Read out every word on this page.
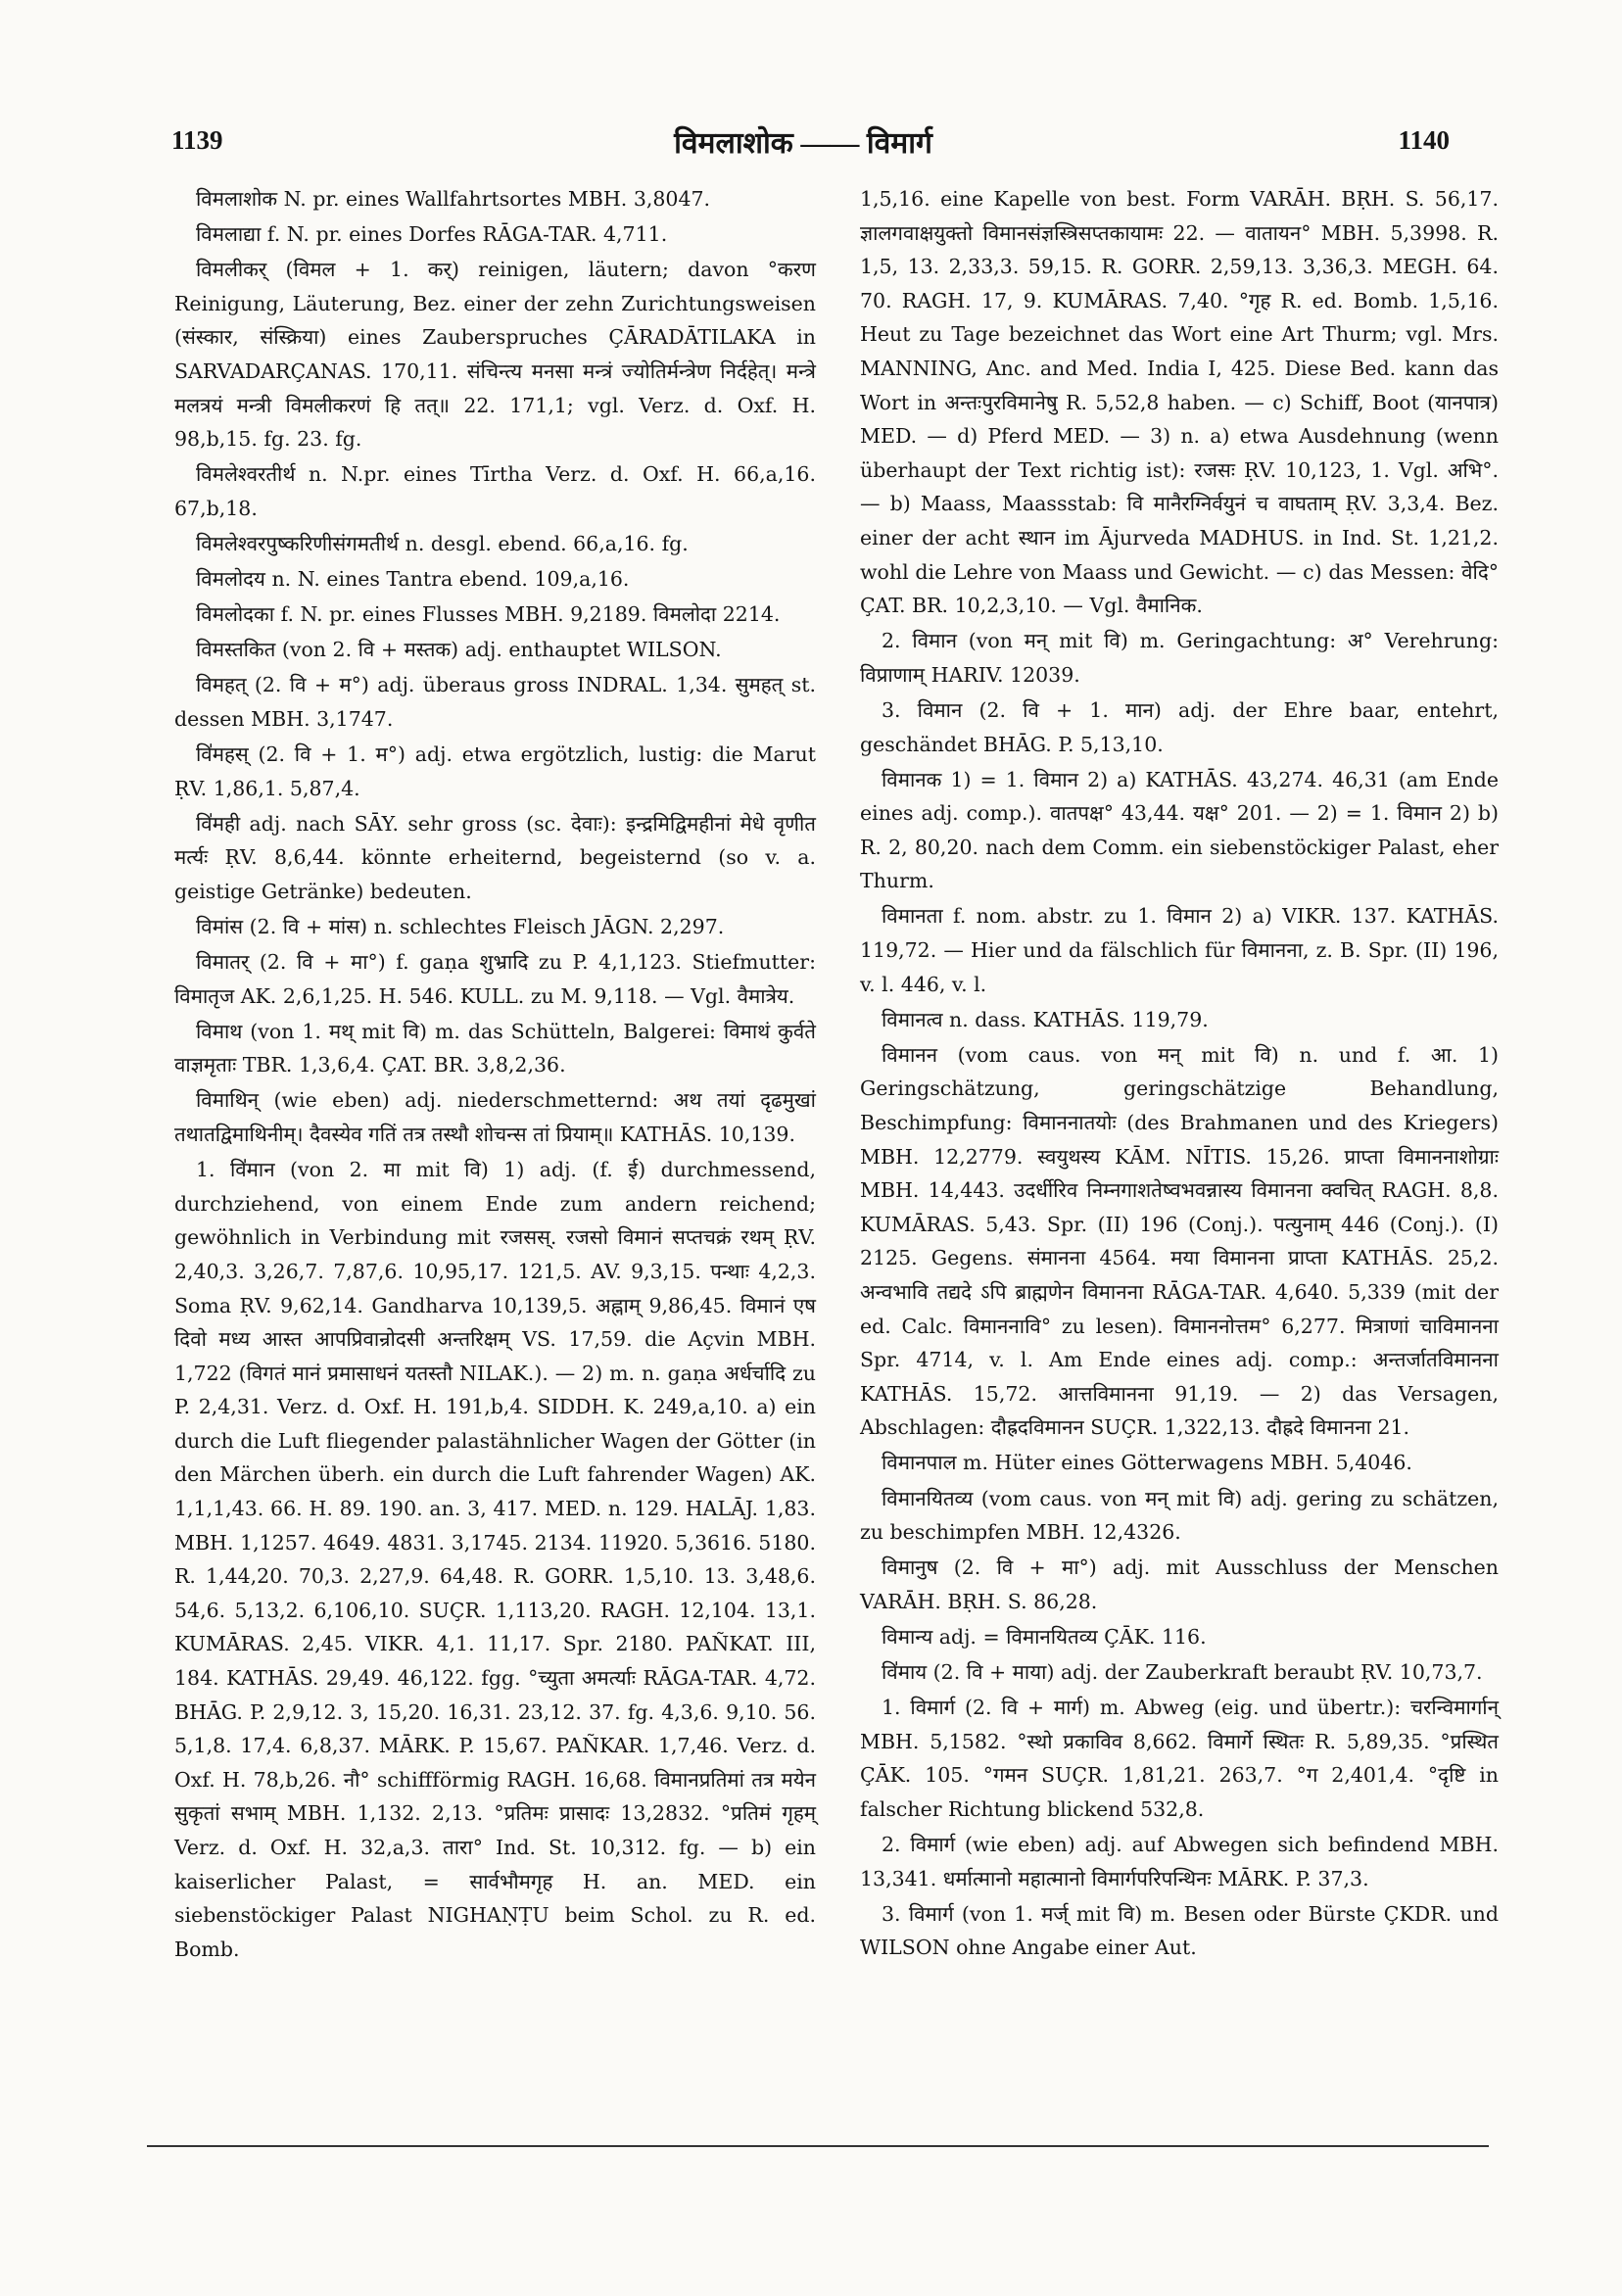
1139	विमलाशोक —— विमार्ग	1140

विमलाशोक N. pr. eines Wallfahrtsortes MBH. 3,8047.

विमलाद्या f. N. pr. eines Dorfes RĀGA-TAR. 4,711.

विमलीकर् (विमल + 1. कर्) reinigen, läutern; davon °करण Reinigung, Läuterung, Bez. einer der zehn Zurichtungsweisen (संस्कार, संस्क्रिया) eines Zauberspruches ÇĀRADĀTILAKA in SARVADARÇANAS. 170,11. संचिन्त्य मनसा मन्त्रं ज्योतिर्मन्त्रेण निर्दहेत्। मन्त्रे मलत्रयं मन्त्री विमलीकरणं हि तत्॥ 22. 171,1; vgl. Verz. d. Oxf. H. 98,b,15. fg. 23. fg.

विमलेश्वरतीर्थ n. N.pr. eines Tīrtha Verz. d. Oxf. H. 66,a,16. 67,b,18.

विमलेश्वरपुष्करिणीसंगमतीर्थ n. desgl. ebend. 66,a,16. fg.

विमलोदय n. N. eines Tantra ebend. 109,a,16.

विमलोदका f. N. pr. eines Flusses MBH. 9,2189. विमलोदा 2214.

विमस्तकित (von 2. वि + मस्तक) adj. enthauptet WILSON.

विमहत् (2. वि + म°) adj. überaus gross INDRAL. 1,34. सुमहत् st. dessen MBH. 3,1747.

वि॑महस् (2. वि + 1. म°) adj. etwa ergötzlich, lustig: die Marut ṚV. 1,86,1. 5,87,4.

वि॑मही adj. nach SĀY. sehr gross (sc. देवाः): इन्द्रमिद्विमहीनां मेधे वृणीत मर्त्यः ṚV. 8,6,44. könnte erheiternd, begeisternd (so v. a. geistige Getränke) bedeuten.

विमांस (2. वि + मांस) n. schlechtes Fleisch JĀGN. 2,297.

विमातर् (2. वि + मा°) f. gaṇa शुभ्रादि zu P. 4,1,123. Stiefmutter: विमातृज AK. 2,6,1,25. H. 546. KULL. zu M. 9,118. — Vgl. वैमात्रेय.

विमाथ (von 1. मथ् mit वि) m. das Schütteln, Balgerei: विमाथं कुर्वते वाज्ञमृताः TBR. 1,3,6,4. ÇAT. BR. 3,8,2,36.

विमाथिन् (wie eben) adj. niederschmetternd: अथ तयां दृढमुखां तथातद्विमाथिनीम्। दैवस्येव गतिं तत्र तस्थौ शोचन्स तां प्रियाम्॥ KATHĀS. 10,139.

1. वि॑मान (von 2. मा mit वि) 1) adj. (f. ई) durchmessend, durchziehend, von einem Ende zum andern reichend; gewöhnlich in Verbindung mit रजसस्. रजसो विमानं सप्तचक्रं रथम् ṚV. 2,40,3. 3,26,7. 7,87,6. 10,95,17. 121,5. AV. 9,3,15. पन्थाः 4,2,3. Soma ṚV. 9,62,14. Gandharva 10,139,5. अह्नाम् 9,86,45. विमानं एष दिवो मध्य आस्त आपप्रिवान्रोदसी अन्तरिक्षम् VS. 17,59. die Açvin MBH. 1,722 (विगतं मानं प्रमासाधनं यतस्तौ NILAK.). — 2) m. n. gaṇa अर्धर्चादि zu P. 2,4,31. Verz. d. Oxf. H. 191,b,4. SIDDH. K. 249,a,10. a) ein durch die Luft fliegender palastähnlicher Wagen der Götter (in den Märchen überh. ein durch die Luft fahrender Wagen) AK. 1,1,1,43. 66. H. 89. 190. an. 3, 417. MED. n. 129. HALĀJ. 1,83. MBH. 1,1257. 4649. 4831. 3,1745. 2134. 11920. 5,3616. 5180. R. 1,44,20. 70,3. 2,27,9. 64,48. R. GORR. 1,5,10. 13. 3,48,6. 54,6. 5,13,2. 6,106,10. SUÇR. 1,113,20. RAGH. 12,104. 13,1. KUMĀRAS. 2,45. VIKR. 4,1. 11,17. Spr. 2180. PAÑKAT. III, 184. KATHĀS. 29,49. 46,122. fgg. °च्युता अमर्त्याः RĀGA-TAR. 4,72. BHĀG. P. 2,9,12. 3, 15,20. 16,31. 23,12. 37. fg. 4,3,6. 9,10. 56. 5,1,8. 17,4. 6,8,37. MĀRK. P. 15,67. PAÑKAR. 1,7,46. Verz. d. Oxf. H. 78,b,26. नौ° schiffförmig RAGH. 16,68. विमानप्रतिमां तत्र मयेन सुकृतां सभाम् MBH. 1,132. 2,13. °प्रतिमः प्रासादः 13,2832. °प्रतिमं गृहम् Verz. d. Oxf. H. 32,a,3. तारा° Ind. St. 10,312. fg. — b) ein kaiserlicher Palast, = सार्वभौमगृह H. an. MED. ein siebenstöckiger Palast NIGHAṆṬU beim Schol. zu R. ed. Bomb.

1,5,16. eine Kapelle von best. Form VARĀH. BṚH. S. 56,17. ज्ञालगवाक्षयुक्तो विमानसंज्ञस्त्रिसप्तकायामः 22. — वातायन° MBH. 5,3998. R. 1,5, 13. 2,33,3. 59,15. R. GORR. 2,59,13. 3,36,3. MEGH. 64. 70. RAGH. 17, 9. KUMĀRAS. 7,40. °गृह R. ed. Bomb. 1,5,16. Heut zu Tage bezeichnet das Wort eine Art Thurm; vgl. Mrs. MANNING, Anc. and Med. India I, 425. Diese Bed. kann das Wort in अन्तःपुरविमानेषु R. 5,52,8 haben. — c) Schiff, Boot (यानपात्र) MED. — d) Pferd MED. — 3) n. a) etwa Ausdehnung (wenn überhaupt der Text richtig ist): रजसः ṚV. 10,123, 1. Vgl. अभि°. — b) Maass, Maassstab: वि मानैरग्निर्वयुनं च वाघताम् ṚV. 3,3,4. Bez. einer der acht स्थान im Ājurveda MADHUS. in Ind. St. 1,21,2. wohl die Lehre von Maass und Gewicht. — c) das Messen: वेदि° ÇAT. BR. 10,2,3,10. — Vgl. वैमानिक.

2. विमान (von मन् mit वि) m. Geringachtung: अ° Verehrung: विप्राणाम् HARIV. 12039.

3. विमान (2. वि + 1. मान) adj. der Ehre baar, entehrt, geschändet BHĀG. P. 5,13,10.

विमानक 1) = 1. विमान 2) a) KATHĀS. 43,274. 46,31 (am Ende eines adj. comp.). वातपक्ष° 43,44. यक्ष° 201. — 2) = 1. विमान 2) b) R. 2, 80,20. nach dem Comm. ein siebenstöckiger Palast, eher Thurm.

विमानता f. nom. abstr. zu 1. विमान 2) a) VIKR. 137. KATHĀS. 119,72. — Hier und da fälschlich für विमानना, z. B. Spr. (II) 196, v. l. 446, v. l.

विमानत्व n. dass. KATHĀS. 119,79.

विमानन (vom caus. von मन् mit वि) n. und f. आ. 1) Geringschätzung, geringschätzige Behandlung, Beschimpfung: विमाननातयोः (des Brahmanen und des Kriegers) MBH. 12,2779. स्वयुथस्य KĀM. NĪTIS. 15,26. प्राप्ता विमाननाशोग्राः MBH. 14,443. उदर्धीरिव निम्नगाशतेष्वभवन्नास्य विमानना क्वचित् RAGH. 8,8. KUMĀRAS. 5,43. Spr. (II) 196 (Conj.). पत्युनाम् 446 (Conj.). (I) 2125. Gegens. संमानना 4564. मया विमानना प्राप्ता KATHĀS. 25,2. अन्वभावि तद्यदे ऽपि ब्राह्मणेन विमानना RĀGA-TAR. 4,640. 5,339 (mit der ed. Calc. विमाननावि° zu lesen). विमाननोत्तम° 6,277. मित्राणां चाविमानना Spr. 4714, v. l. Am Ende eines adj. comp.: अन्तर्जातविमानना KATHĀS. 15,72. आत्तविमानना 91,19. — 2) das Versagen, Abschlagen: दौह्रदविमानन SUÇR. 1,322,13. दौह्रदे विमानना 21.

विमानपाल m. Hüter eines Götterwagens MBH. 5,4046.

विमानयितव्य (vom caus. von मन् mit वि) adj. gering zu schätzen, zu beschimpfen MBH. 12,4326.

विमानुष (2. वि + मा°) adj. mit Ausschluss der Menschen VARĀH. BṚH. S. 86,28.

विमान्य adj. = विमानयितव्य ÇĀK. 116.

वि॑माय (2. वि + माया) adj. der Zauberkraft beraubt ṚV. 10,73,7.

1. विमार्ग (2. वि + मार्ग) m. Abweg (eig. und übertr.): चरन्विमार्गान् MBH. 5,1582. °स्थो प्रकाविव 8,662. विमार्गे स्थितः R. 5,89,35. °प्रस्थित ÇĀK. 105. °गमन SUÇR. 1,81,21. 263,7. °ग 2,401,4. °दृष्टि in falscher Richtung blickend 532,8.

2. विमार्ग (wie eben) adj. auf Abwegen sich befindend MBH. 13,341. धर्मात्मानो महात्मानो विमार्गपरिपन्थिनः MĀRK. P. 37,3.

3. विमार्ग (von 1. मर्ज् mit वि) m. Besen oder Bürste ÇKDR. und WILSON ohne Angabe einer Aut.
